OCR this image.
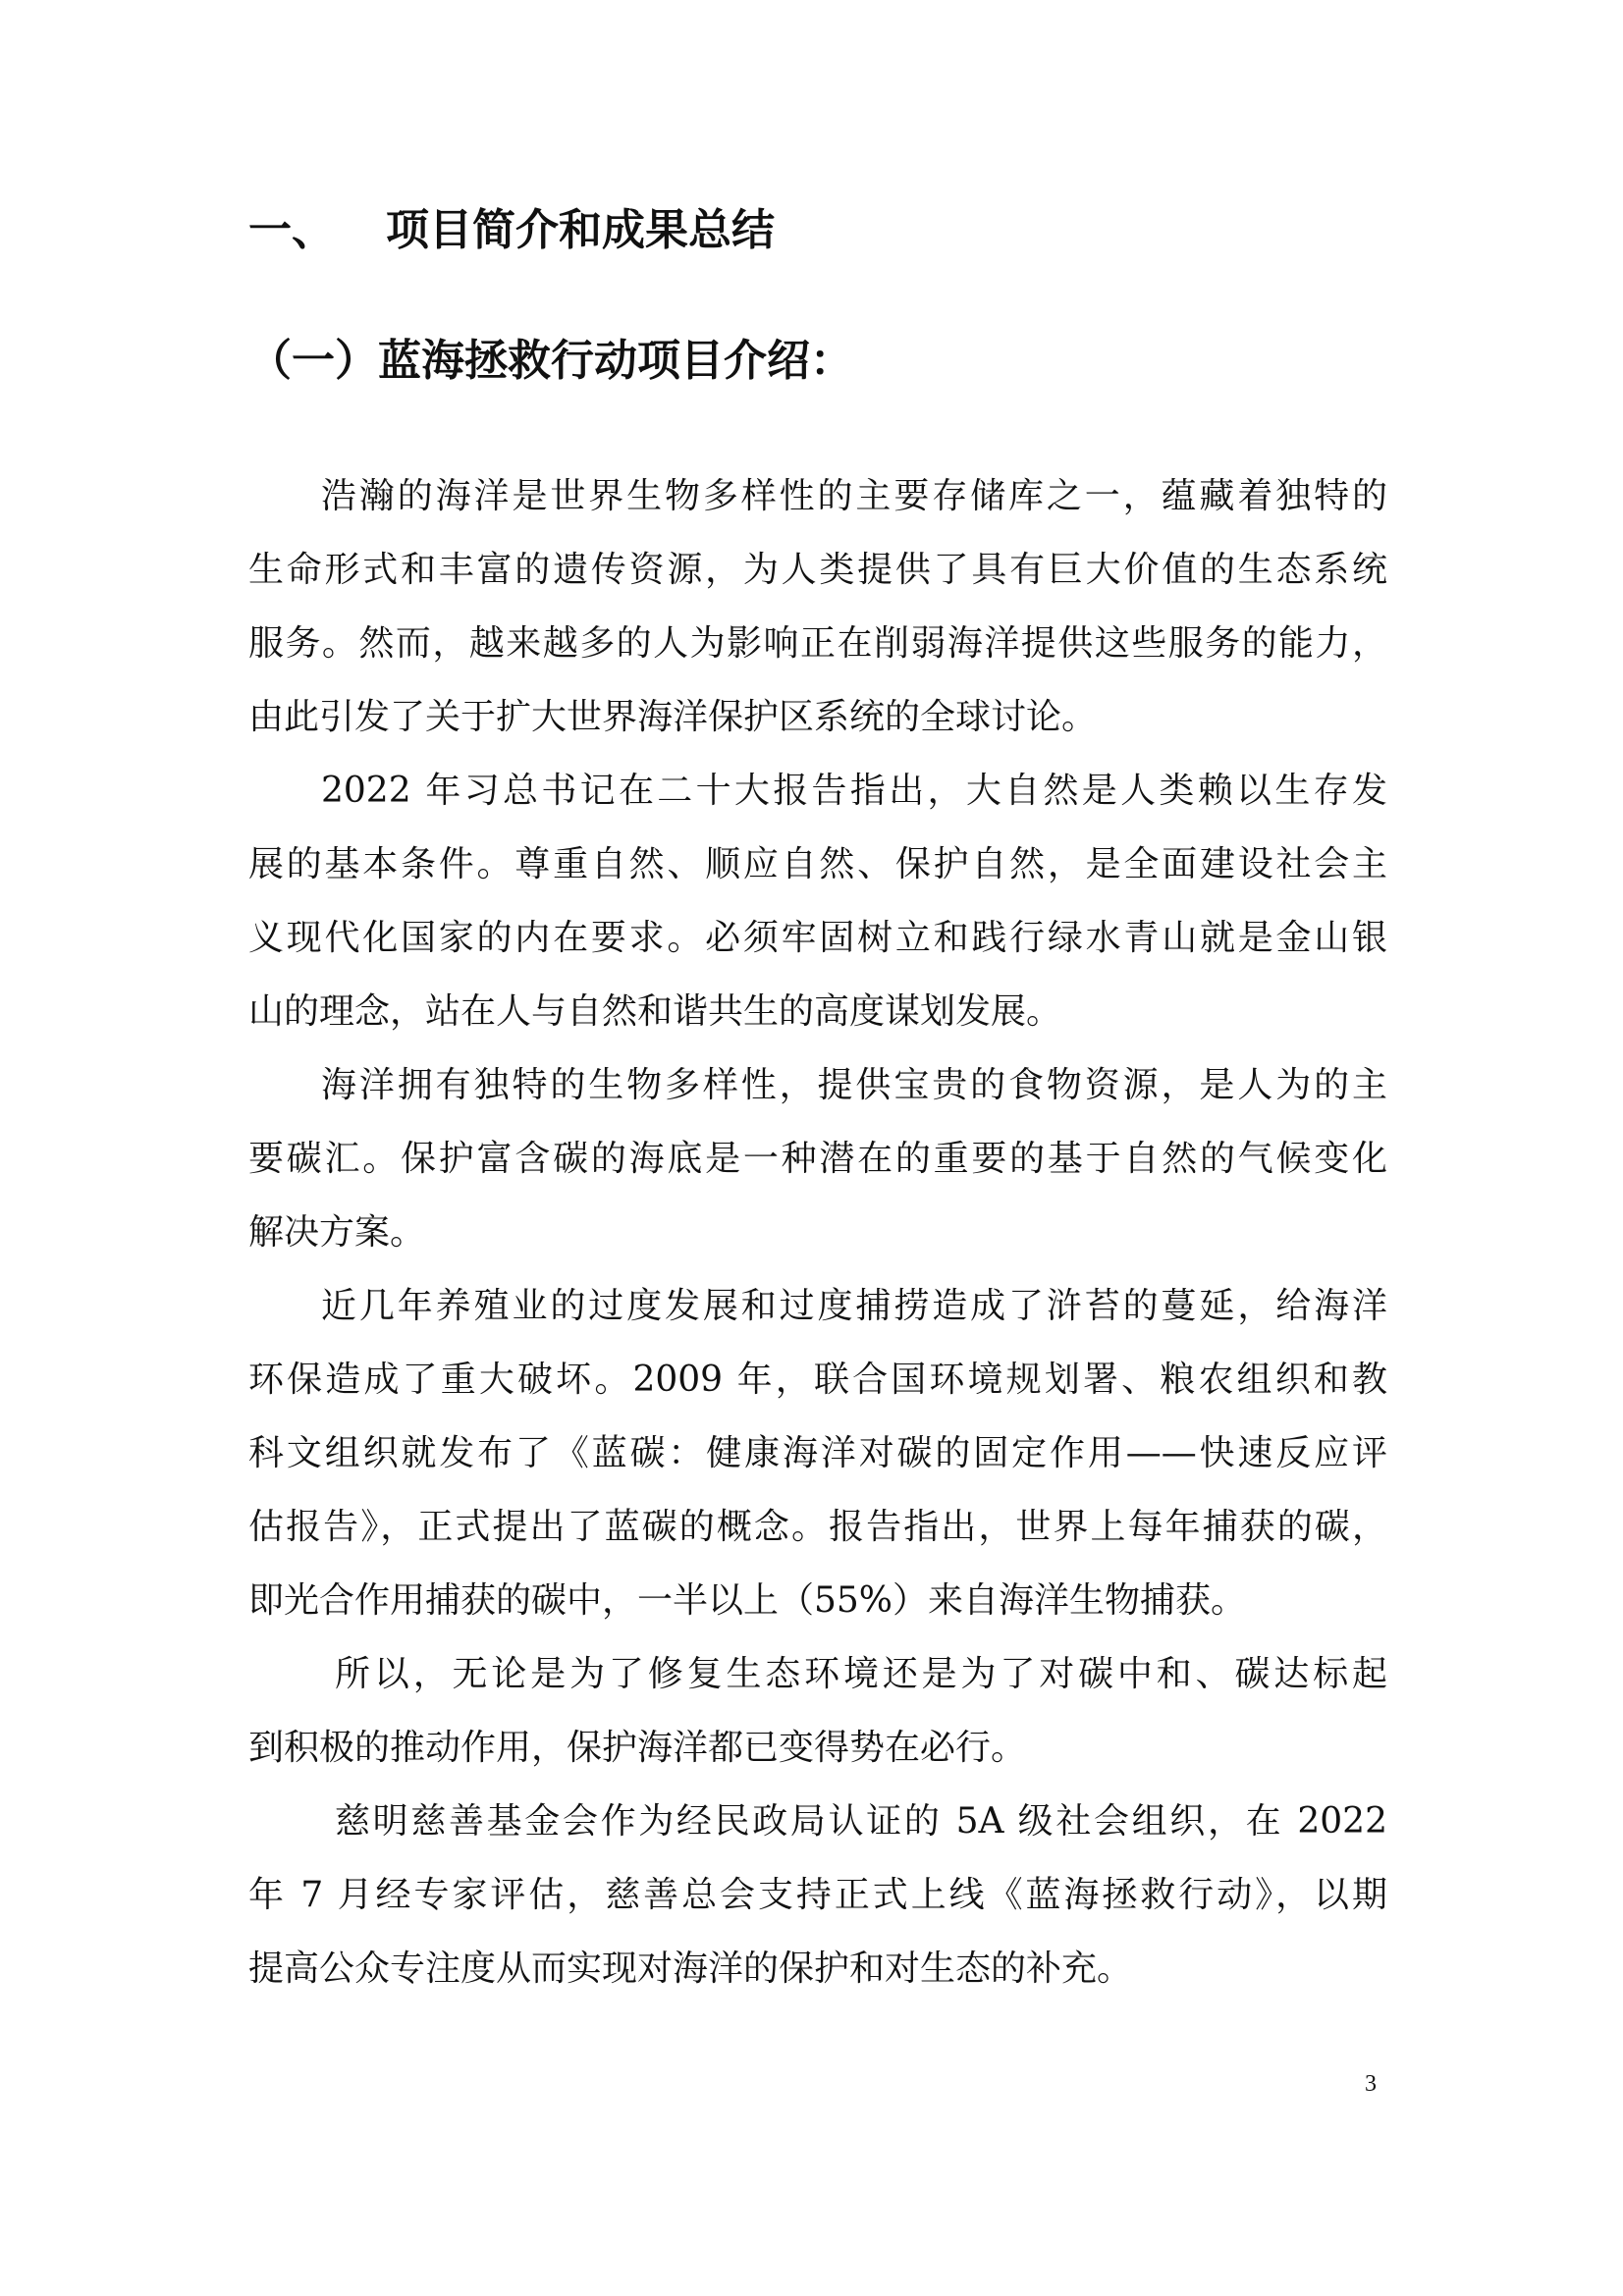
一、 项目简介和成果总结
（一）蓝海拯救行动项目介绍：
浩瀚的海洋是世界生物多样性的主要存储库之一，蕴藏着独特的
生命形式和丰富的遗传资源，为人类提供了具有巨大价值的生态系统
服务。然而，越来越多的人为影响正在削弱海洋提供这些服务的能力，
由此引发了关于扩大世界海洋保护区系统的全球讨论。
2022 年习总书记在二十大报告指出，大自然是人类赖以生存发
展的基本条件。尊重自然、顺应自然、保护自然，是全面建设社会主
义现代化国家的内在要求。必须牢固树立和践行绿水青山就是金山银
山的理念，站在人与自然和谐共生的高度谋划发展。
海洋拥有独特的生物多样性，提供宝贵的食物资源，是人为的主
要碳汇。保护富含碳的海底是一种潜在的重要的基于自然的气候变化
解决方案。
近几年养殖业的过度发展和过度捕捞造成了浒苔的蔓延，给海洋
环保造成了重大破坏。2009 年，联合国环境规划署、粮农组织和教
科文组织就发布了《蓝碳：健康海洋对碳的固定作用——快速反应评
估报告》，正式提出了蓝碳的概念。报告指出，世界上每年捕获的碳，
即光合作用捕获的碳中，一半以上（55%）来自海洋生物捕获。
所以，无论是为了修复生态环境还是为了对碳中和、碳达标起
到积极的推动作用，保护海洋都已变得势在必行。
慈明慈善基金会作为经民政局认证的 5A 级社会组织，在 2022
年 7 月经专家评估，慈善总会支持正式上线《蓝海拯救行动》，以期
提高公众专注度从而实现对海洋的保护和对生态的补充。
3
